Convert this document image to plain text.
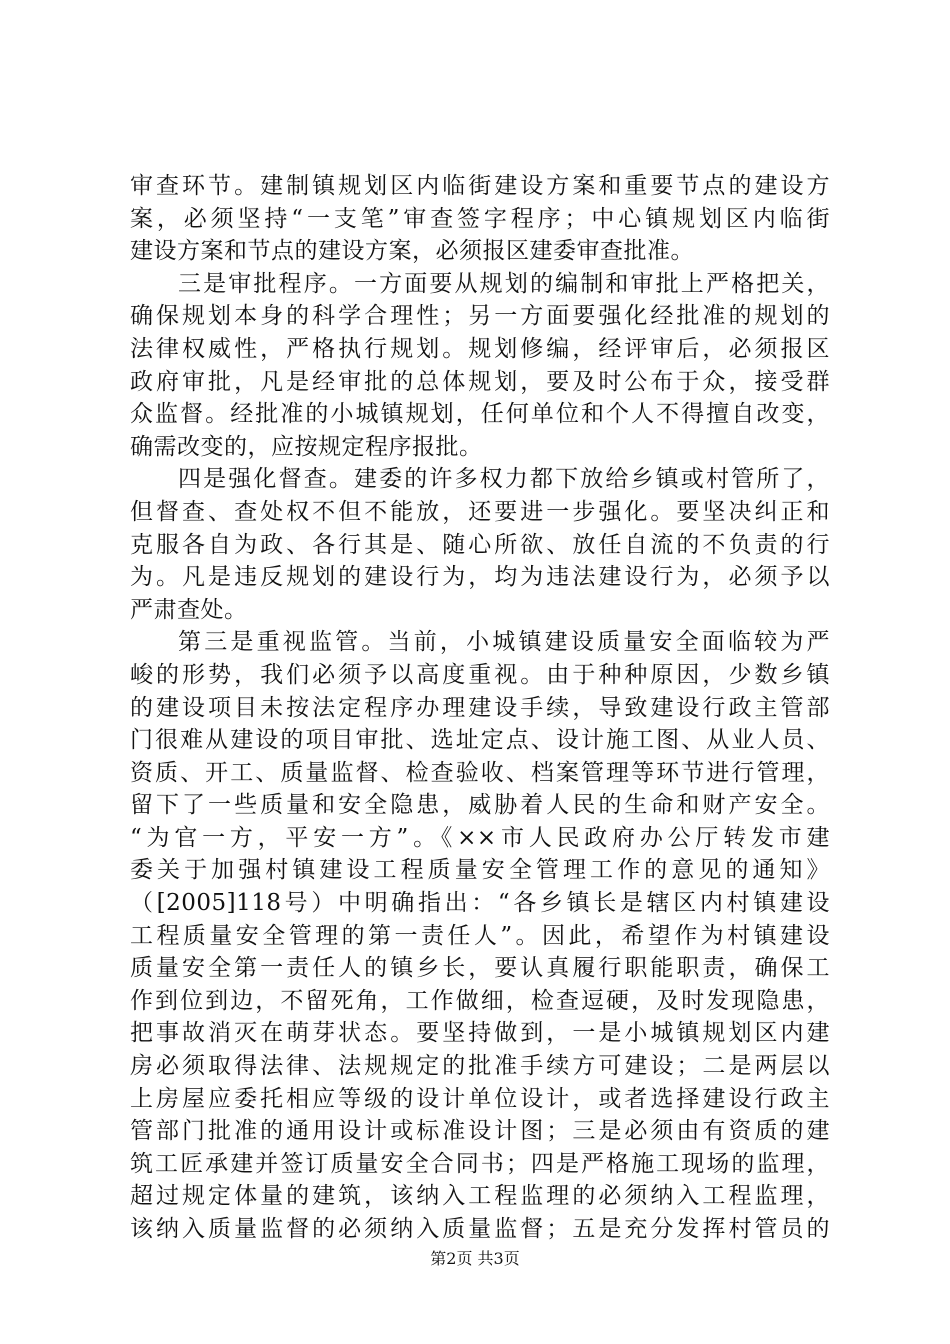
审查环节。建制镇规划区内临街建设方案和重要节点的建设方
案，必须坚持“一支笔”审查签字程序；中心镇规划区内临街
建设方案和节点的建设方案，必须报区建委审查批准。
三是审批程序。一方面要从规划的编制和审批上严格把关，
确保规划本身的科学合理性；另一方面要强化经批准的规划的
法律权威性，严格执行规划。规划修编，经评审后，必须报区
政府审批，凡是经审批的总体规划，要及时公布于众，接受群
众监督。经批准的小城镇规划，任何单位和个人不得擅自改变，
确需改变的，应按规定程序报批。
四是强化督查。建委的许多权力都下放给乡镇或村管所了，
但督查、查处权不但不能放，还要进一步强化。要坚决纠正和
克服各自为政、各行其是、随心所欲、放任自流的不负责的行
为。凡是违反规划的建设行为，均为违法建设行为，必须予以
严肃查处。
第三是重视监管。当前，小城镇建设质量安全面临较为严
峻的形势，我们必须予以高度重视。由于种种原因，少数乡镇
的建设项目未按法定程序办理建设手续，导致建设行政主管部
门很难从建设的项目审批、选址定点、设计施工图、从业人员、
资质、开工、质量监督、检查验收、档案管理等环节进行管理，
留下了一些质量和安全隐患，威胁着人民的生命和财产安全。
“为官一方，平安一方”。《××市人民政府办公厅转发市建
委关于加强村镇建设工程质量安全管理工作的意见的通知》
（[2005]118号）中明确指出：“各乡镇长是辖区内村镇建设
工程质量安全管理的第一责任人”。因此，希望作为村镇建设
质量安全第一责任人的镇乡长，要认真履行职能职责，确保工
作到位到边，不留死角，工作做细，检查逗硬，及时发现隐患，
把事故消灭在萌芽状态。要坚持做到，一是小城镇规划区内建
房必须取得法律、法规规定的批准手续方可建设；二是两层以
上房屋应委托相应等级的设计单位设计，或者选择建设行政主
管部门批准的通用设计或标准设计图；三是必须由有资质的建
筑工匠承建并签订质量安全合同书；四是严格施工现场的监理，
超过规定体量的建筑，该纳入工程监理的必须纳入工程监理，
该纳入质量监督的必须纳入质量监督；五是充分发挥村管员的
第2页 共3页
